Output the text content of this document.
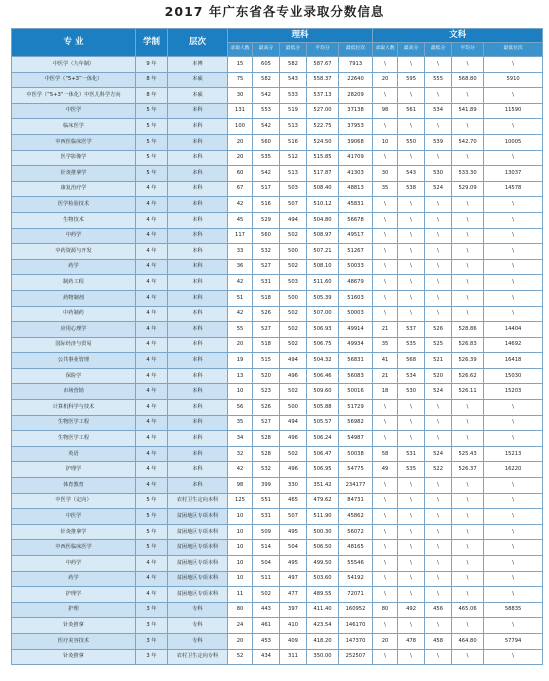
2017 年广东省各专业录取分数信息
专 业	学制	层次	理科					文科				
			录取人数	最高分	最低分	平均分	最低位次	录取人数	最高分	最低分	平均分	最低位次
中医学（九年制）	9 年	本博	15	605	582	587.67	7913	\	\	\	\	\
中医学（“5+3”一体化）	8 年	本硕	75	582	543	558.37	22640	20	595	555	568.80	5910
中医学（“5+3”一体化）中医儿科学方向	8 年	本硕	30	542	533	537.13	28209	\	\	\	\	\
中医学	5 年	本科	131	553	519	527.00	37138	98	561	534	541.89	11590
临床医学	5 年	本科	100	542	513	522.75	37953	\	\	\	\	\
中西医临床医学	5 年	本科	20	560	516	524.50	39068	10	550	539	542.70	10005
医学影像学	5 年	本科	20	535	512	515.85	41709	\	\	\	\	\
针灸推拿学	5 年	本科	60	542	513	517.87	41303	30	543	530	533.30	13037
康复治疗学	4 年	本科	67	517	503	508.40	48813	35	538	524	529.09	14578
医学检验技术	4 年	本科	42	516	507	510.12	45831	\	\	\	\	\
生物技术	4 年	本科	45	529	494	504.80	56678	\	\	\	\	\
中药学	4 年	本科	117	560	502	508.97	49517	\	\	\	\	\
中药资源与开发	4 年	本科	33	532	500	507.21	51267	\	\	\	\	\
药学	4 年	本科	36	527	502	508.10	50033	\	\	\	\	\
制药工程	4 年	本科	42	531	503	511.60	48679	\	\	\	\	\
药物制剂	4 年	本科	51	518	500	505.39	51603	\	\	\	\	\
中药制药	4 年	本科	42	526	502	507.00	50003	\	\	\	\	\
应用心理学	4 年	本科	55	527	502	506.93	49914	21	537	526	528.86	14404
国际经济与贸易	4 年	本科	20	518	502	506.75	49934	35	535	525	526.83	14692
公共事业管理	4 年	本科	19	515	494	504.32	56831	41	568	521	526.39	16418
保险学	4 年	本科	13	520	496	506.46	56083	21	534	520	526.62	15030
市场营销	4 年	本科	10	523	502	509.60	50016	18	530	524	526.11	15203
计算机科学与技术	4 年	本科	56	526	500	505.88	51729	\	\	\	\	\
生物医学工程	4 年	本科	35	527	494	505.57	56982	\	\	\	\	\
生物医学工程	4 年	本科	34	528	496	506.24	54987	\	\	\	\	\
英语	4 年	本科	32	528	502	506.47	50038	58	531	524	525.43	15213
护理学	4 年	本科	42	532	496	506.95	54775	49	535	522	526.37	16220
体育教育	4 年	本科	98	399	330	351.42	234177	\	\	\	\	\
中医学（定向）	5 年	农村卫生定向本科	125	551	465	479.62	84731	\	\	\	\	\
中医学	5 年	贫困地区专项本科	10	531	507	511.90	45862	\	\	\	\	\
针灸推拿学	5 年	贫困地区专项本科	10	509	495	500.30	56072	\	\	\	\	\
中西医临床医学	5 年	贫困地区专项本科	10	514	504	506.50	48165	\	\	\	\	\
中药学	4 年	贫困地区专项本科	10	504	495	499.50	55546	\	\	\	\	\
药学	4 年	贫困地区专项本科	10	511	497	503.60	54192	\	\	\	\	\
护理学	4 年	贫困地区专项本科	11	502	477	489.55	72071	\	\	\	\	\
护理	3 年	专科	80	443	397	411.40	160952	80	492	456	465.06	58835
针灸推拿	3 年	专科	24	461	410	423.54	146170	\	\	\	\	\
医疗美容技术	3 年	专科	20	453	409	418.20	147370	20	478	458	464.80	57794
针灸推拿	3 年	农村卫生定向专科	52	434	311	350.00	252507	\	\	\	\	\
